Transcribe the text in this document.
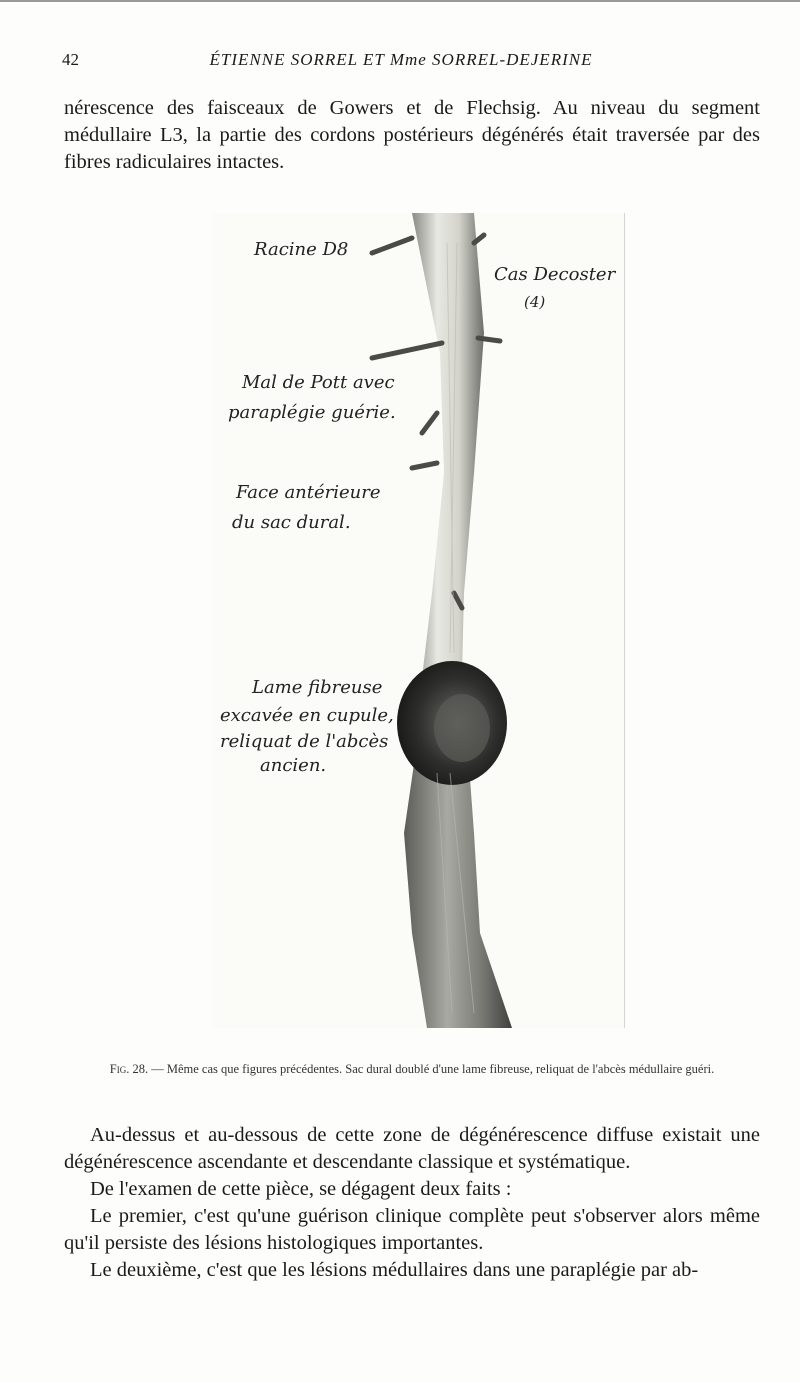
42	ÉTIENNE SORREL ET Mme SORREL-DEJERINE

nérescence des faisceaux de Gowers et de Flechsig. Au niveau du segment médullaire L3, la partie des cordons postérieurs dégénérés était traversée par des fibres radiculaires intactes.

Racine D8
Cas Decoster
(4)
Mal de Pott avec
paraplégie guérie.
Face antérieure
du sac dural.
Lame fibreuse
excavée en cupule,
reliquat de l'abcès
ancien.
Fig. 28. — Même cas que figures précédentes. Sac dural doublé d'une lame fibreuse, reliquat de l'abcès médullaire guéri.
Au-dessus et au-dessous de cette zone de dégénérescence diffuse existait une dégénérescence ascendante et descendante classique et systématique.
De l'examen de cette pièce, se dégagent deux faits :
Le premier, c'est qu'une guérison clinique complète peut s'observer alors même qu'il persiste des lésions histologiques importantes.
Le deuxième, c'est que les lésions médullaires dans une paraplégie par ab-
